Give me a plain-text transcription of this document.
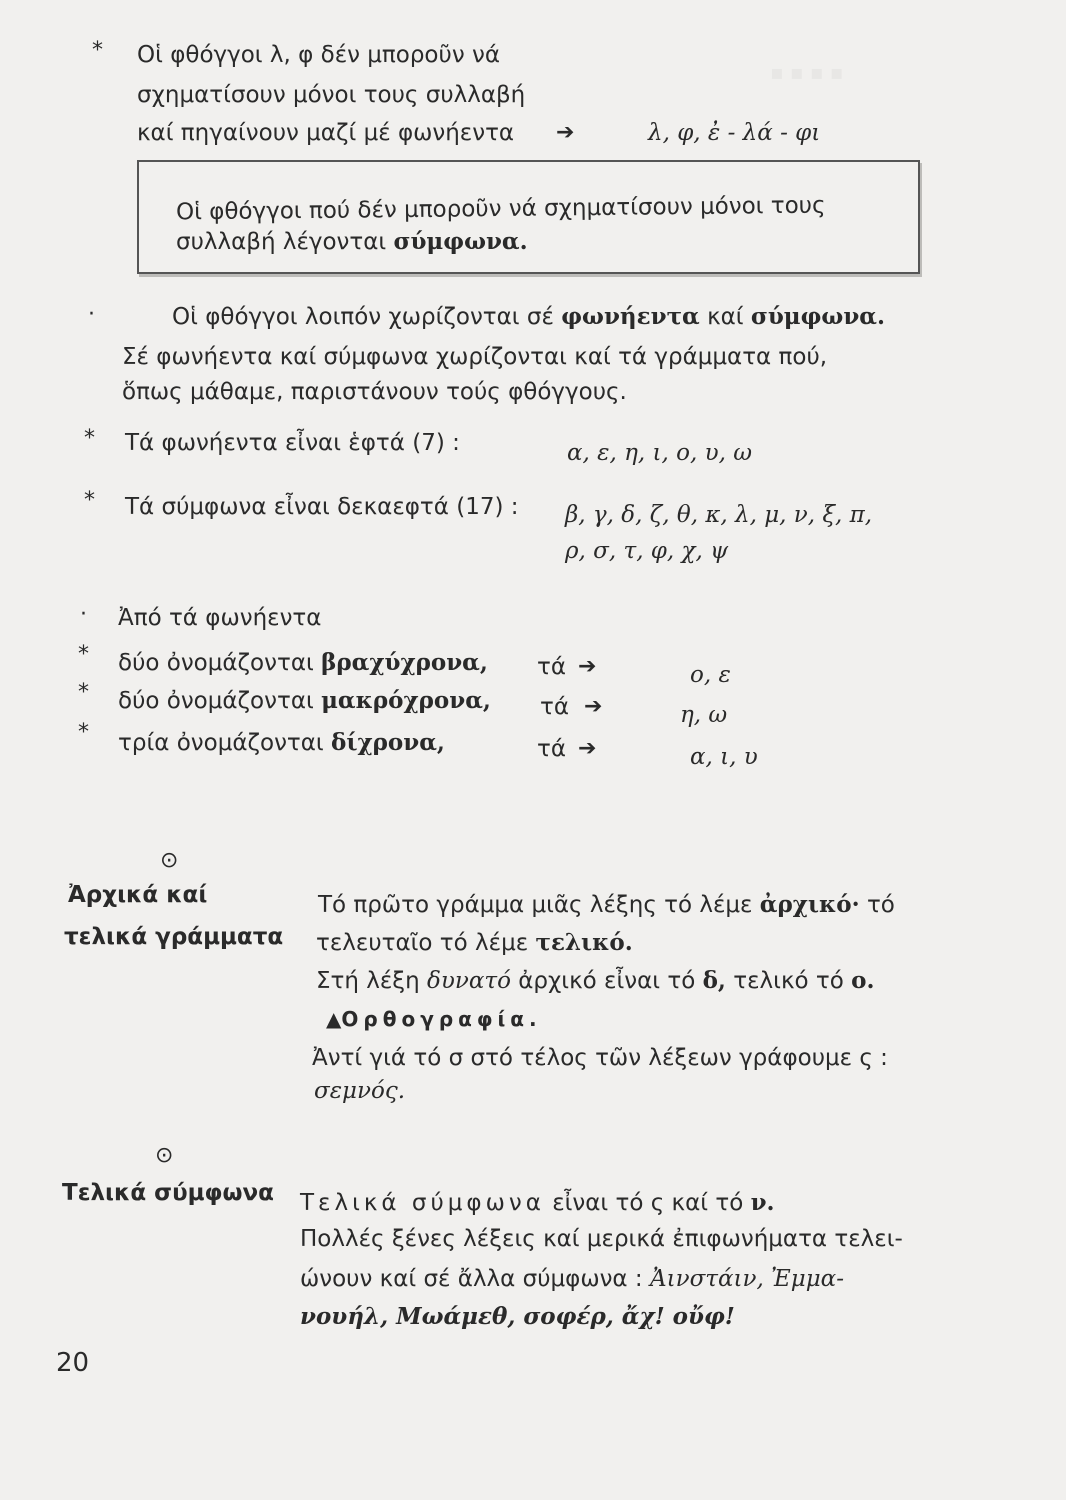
▪ ▪ ▪ ▪
* Οἱ φθόγγοι λ, φ δέν μποροῦν νά
σχηματίσουν μόνοι τους συλλαβή
καί πηγαίνουν μαζί μέ φωνήεντα ➔	λ, φ, ἐ - λά - φι
Οἱ φθόγγοι πού δέν μποροῦν νά σχηματίσουν μόνοι τους
συλλαβή λέγονται σύμφωνα.
·	Οἱ φθόγγοι λοιπόν χωρίζονται σέ φωνήεντα καί σύμφωνα.
Σέ φωνήεντα καί σύμφωνα χωρίζονται καί τά γράμματα πού,
ὅπως μάθαμε, παριστάνουν τούς φθόγγους.
* Τά φωνήεντα εἶναι ἑφτά (7) :	α, ε, η, ι, ο, υ, ω
* Τά σύμφωνα εἶναι δεκαεφτά (17) : β, γ, δ, ζ, θ, κ, λ, μ, ν, ξ, π,
ρ, σ, τ, φ, χ, ψ
· Ἀπό τά φωνήεντα
* δύο ὀνομάζονται βραχύχρονα, τά ➔	ο, ε
* δύο ὀνομάζονται μακρόχρονα, τά ➔	η, ω
* τρία ὀνομάζονται δίχρονα,	τά ➔	α, ι, υ
⊙
Ἀρχικά καί
τελικά γράμματα
Τό πρῶτο γράμμα μιᾶς λέξης τό λέμε ἀρχικό· τό
τελευταῖο τό λέμε τελικό.
Στή λέξη δυνατό ἀρχικό εἶναι τό δ, τελικό τό ο.
▲Ορθογραφία.
Ἀντί γιά τό σ στό τέλος τῶν λέξεων γράφουμε ς :
σεμνός.
⊙
Τελικά σύμφωνα Τελικά σύμφωνα εἶναι τό ς καί τό ν.
Πολλές ξένες λέξεις καί μερικά ἐπιφωνήματα τελει-
ώνουν καί σέ ἄλλα σύμφωνα : Ἀινστάιν, Ἐμμα-
νουήλ, Μωάμεθ, σοφέρ, ἄχ! οὔφ!
20
